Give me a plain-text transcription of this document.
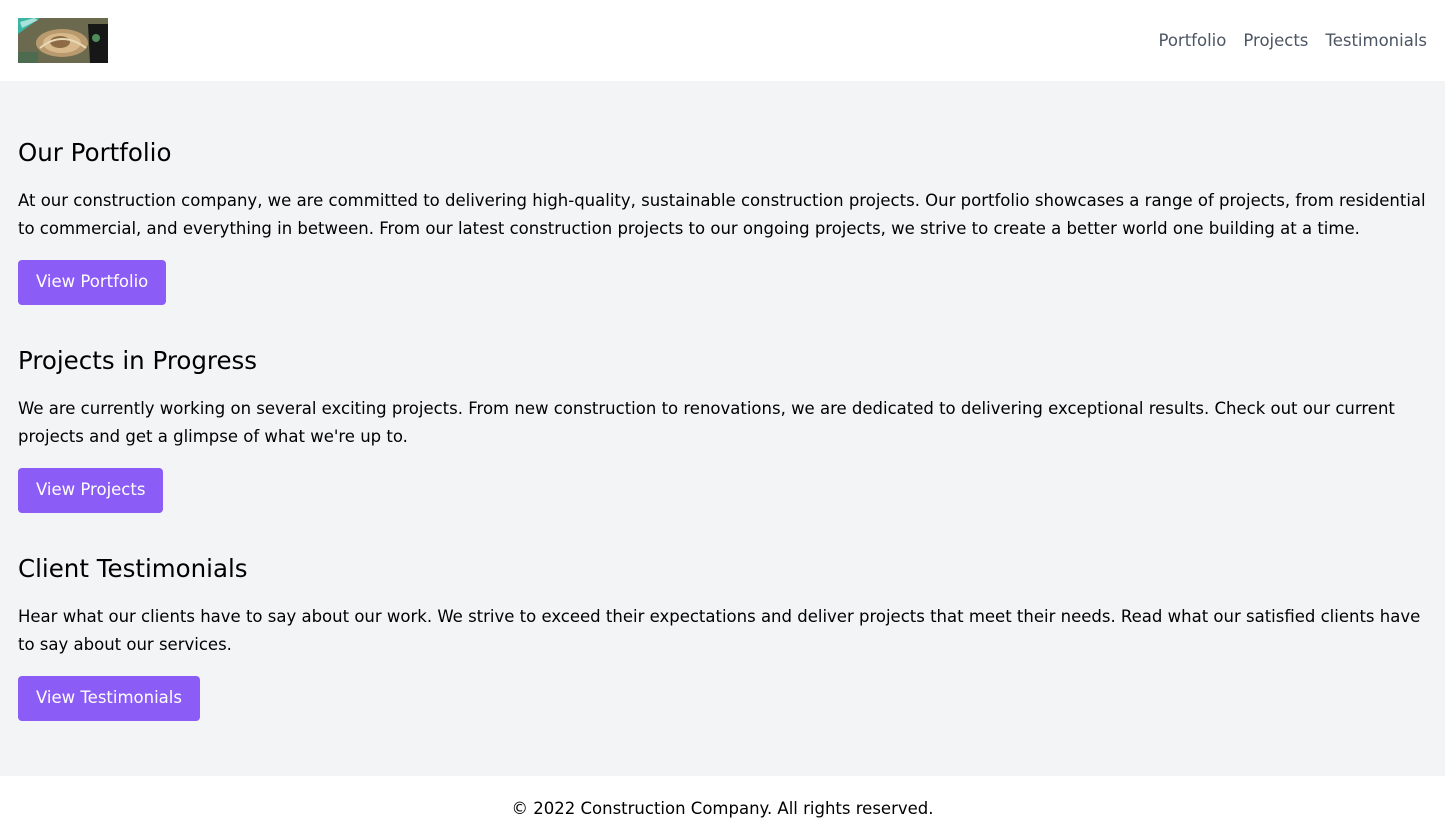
Portfolio Projects Testimonials
Our Portfolio

At our construction company, we are committed to delivering high-quality, sustainable construction projects. Our portfolio showcases a range of projects, from residential to commercial, and everything in between. From our latest construction projects to our ongoing projects, we strive to create a better world one building at a time.

View Portfolio
Projects in Progress

We are currently working on several exciting projects. From new construction to renovations, we are dedicated to delivering exceptional results. Check out our current projects and get a glimpse of what we're up to.

View Projects
Client Testimonials

Hear what our clients have to say about our work. We strive to exceed their expectations and deliver projects that meet their needs. Read what our satisfied clients have to say about our services.

View Testimonials
© 2022 Construction Company. All rights reserved.
